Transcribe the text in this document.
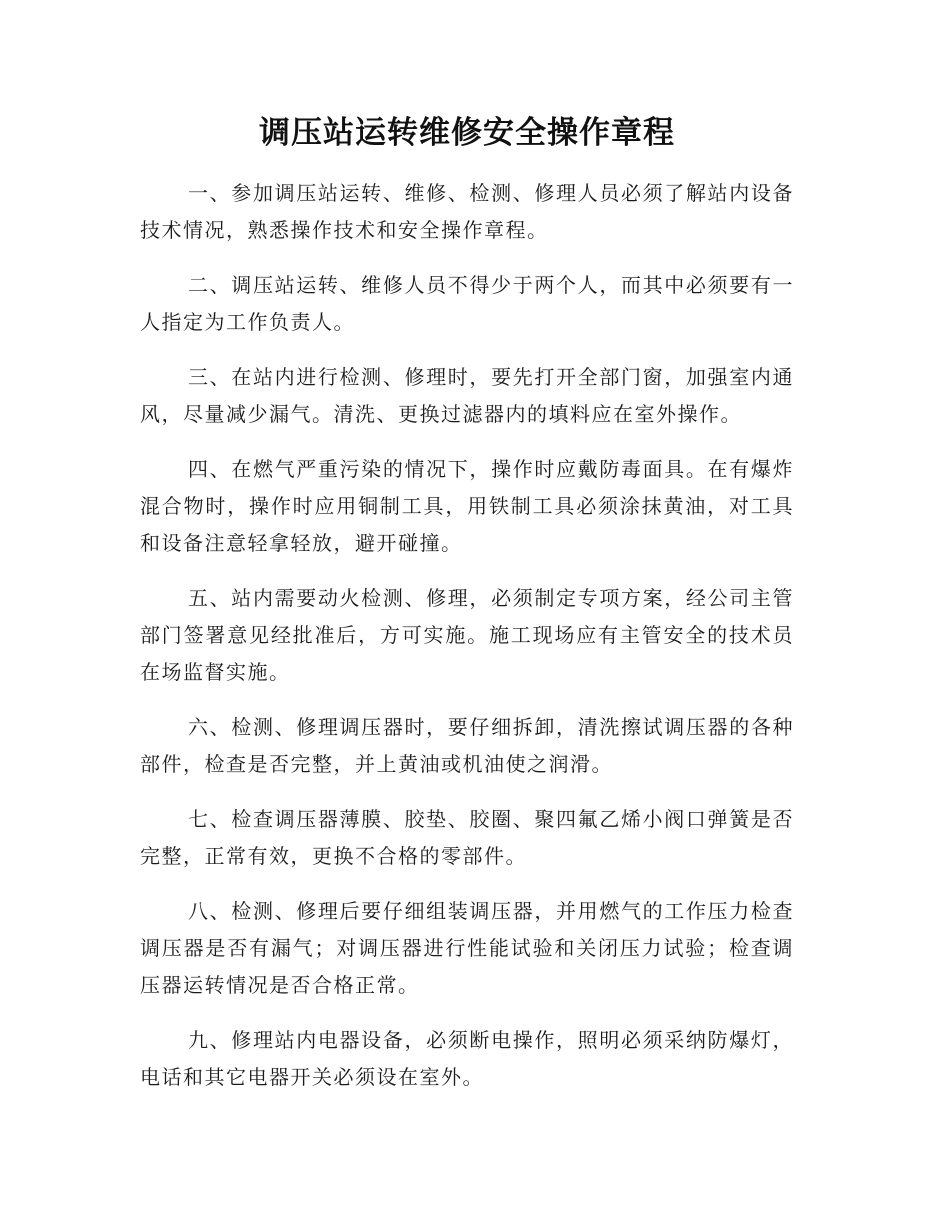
调压站运转维修安全操作章程

一、参加调压站运转、维修、检测、修理人员必须了解站内设备技术情况，熟悉操作技术和安全操作章程。

二、调压站运转、维修人员不得少于两个人，而其中必须要有一人指定为工作负责人。

三、在站内进行检测、修理时，要先打开全部门窗，加强室内通风，尽量减少漏气。清洗、更换过滤器内的填料应在室外操作。

四、在燃气严重污染的情况下，操作时应戴防毒面具。在有爆炸混合物时，操作时应用铜制工具，用铁制工具必须涂抹黄油，对工具和设备注意轻拿轻放，避开碰撞。

五、站内需要动火检测、修理，必须制定专项方案，经公司主管部门签署意见经批准后，方可实施。施工现场应有主管安全的技术员在场监督实施。

六、检测、修理调压器时，要仔细拆卸，清洗擦试调压器的各种部件，检查是否完整，并上黄油或机油使之润滑。

七、检查调压器薄膜、胶垫、胶圈、聚四氟乙烯小阀口弹簧是否完整，正常有效，更换不合格的零部件。

八、检测、修理后要仔细组装调压器，并用燃气的工作压力检查调压器是否有漏气；对调压器进行性能试验和关闭压力试验；检查调压器运转情况是否合格正常。

九、修理站内电器设备，必须断电操作，照明必须采纳防爆灯，电话和其它电器开关必须设在室外。
